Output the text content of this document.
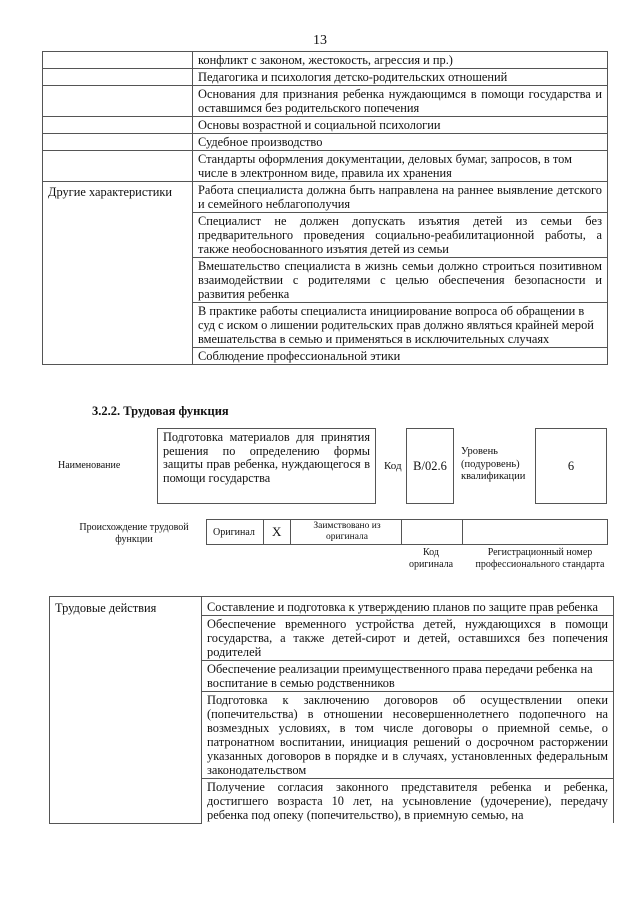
13
	конфликт с законом, жестокость, агрессия и пр.)
	Педагогика и психология детско-родительских отношений
	Основания для признания ребенка нуждающимся в помощи государства и оставшимся без родительского попечения
	Основы возрастной и социальной психологии
	Судебное производство
	Стандарты оформления документации, деловых бумаг, запросов, в том числе в электронном виде, правила их хранения
Другие характеристики	Работа специалиста должна быть направлена на раннее выявление детского и семейного неблагополучия
	Специалист не должен допускать изъятия детей из семьи без предварительного проведения социально-реабилитационной работы, а также необоснованного изъятия детей из семьи
	Вмешательство специалиста в жизнь семьи должно строиться позитивном взаимодействии с родителями с целью обеспечения безопасности и развития ребенка
	В практике работы специалиста инициирование вопроса об обращении в суд с иском о лишении родительских прав должно являться крайней мерой вмешательства в семью и применяться в исключительных случаях
	Соблюдение профессиональной этики
3.2.2. Трудовая функция
Наименование
Подготовка материалов для принятия решения по определению формы защиты прав ребенка, нуждающегося в помощи государства
Код B/02.6
Уровень (подуровень) квалификации
6
Происхождение трудовой функции
Оригинал X	Заимствовано из оригинала
Код оригинала
Регистрационный номер профессионального стандарта
Трудовые действия	Составление и подготовка к утверждению планов по защите прав ребенка
Обеспечение временного устройства детей, нуждающихся в помощи государства, а также детей-сирот и детей, оставшихся без попечения родителей
Обеспечение реализации преимущественного права передачи ребенка на воспитание в семью родственников
Подготовка к заключению договоров об осуществлении опеки (попечительства) в отношении несовершеннолетнего подопечного на возмездных условиях, в том числе договоры о приемной семье, о патронатном воспитании, инициация решений о досрочном расторжении указанных договоров в порядке и в случаях, установленных федеральным законодательством
Получение согласия законного представителя ребенка и ребенка, достигшего возраста 10 лет, на усыновление (удочерение), передачу ребенка под опеку (попечительство), в приемную семью, на
